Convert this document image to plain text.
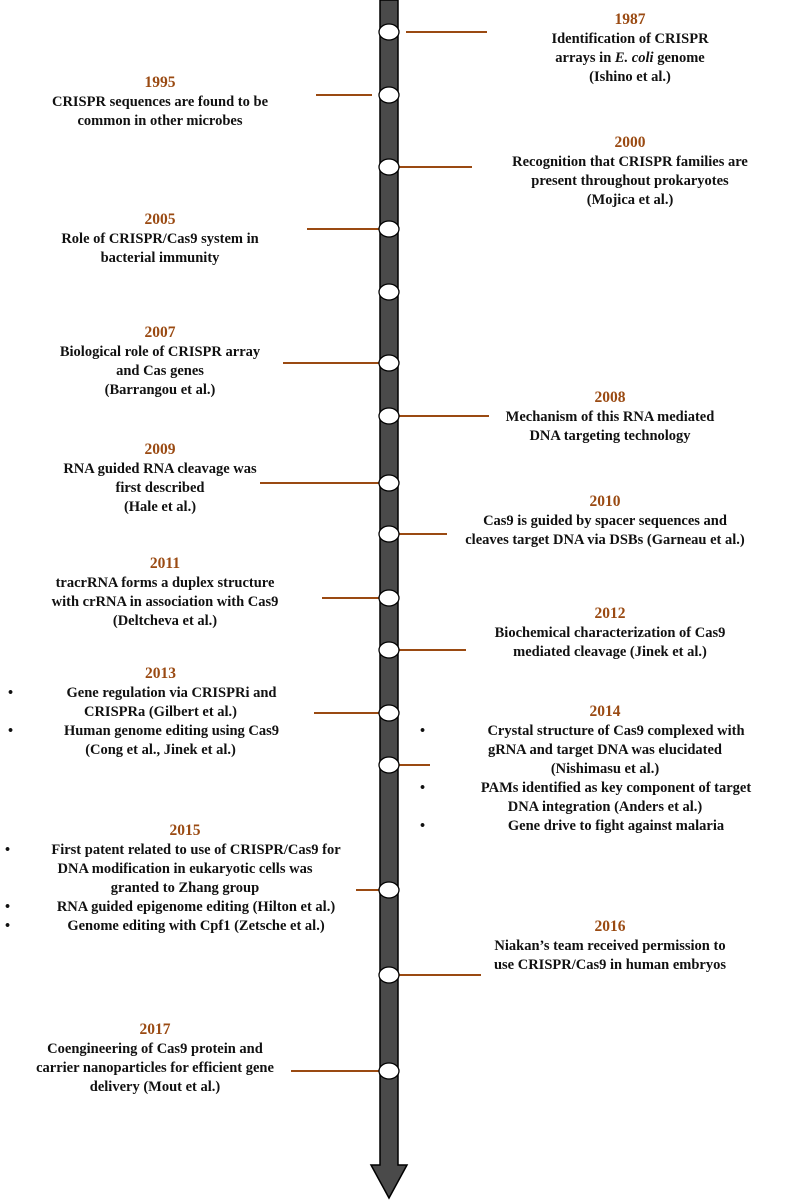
1987
Identification of CRISPR
arrays in E. coli genome
(Ishino et al.)
1995
CRISPR sequences are found to be
common in other microbes
2000
Recognition that CRISPR families are
present throughout prokaryotes
(Mojica et al.)
2005
Role of CRISPR/Cas9 system in
bacterial immunity
2007
Biological role of CRISPR array
and Cas genes
(Barrangou et al.)	2008
Mechanism of this RNA mediated
DNA targeting technology
2009
RNA guided RNA cleavage was
first described
(Hale et al.)	2010
Cas9 is guided by spacer sequences and
cleaves target DNA via DSBs (Garneau et al.)
2011
tracrRNA forms a duplex structure
with crRNA in association with Cas9
(Deltcheva et al.)	2012
Biochemical characterization of Cas9
mediated cleavage (Jinek et al.)
2013
• Gene regulation via CRISPRi and
CRISPRa (Gilbert et al.)
• Human genome editing using Cas9
(Cong et al., Jinek et al.)
2014
• Crystal structure of Cas9 complexed with
gRNA and target DNA was elucidated
(Nishimasu et al.)
• PAMs identified as key component of target
DNA integration (Anders et al.)
• Gene drive to fight against malaria
2015
• First patent related to use of CRISPR/Cas9 for
DNA modification in eukaryotic cells was
granted to Zhang group
• RNA guided epigenome editing (Hilton et al.)
• Genome editing with Cpf1 (Zetsche et al.)	2016
Niakan’s team received permission to
use CRISPR/Cas9 in human embryos
2017
Coengineering of Cas9 protein and
carrier nanoparticles for efficient gene
delivery (Mout et al.)
